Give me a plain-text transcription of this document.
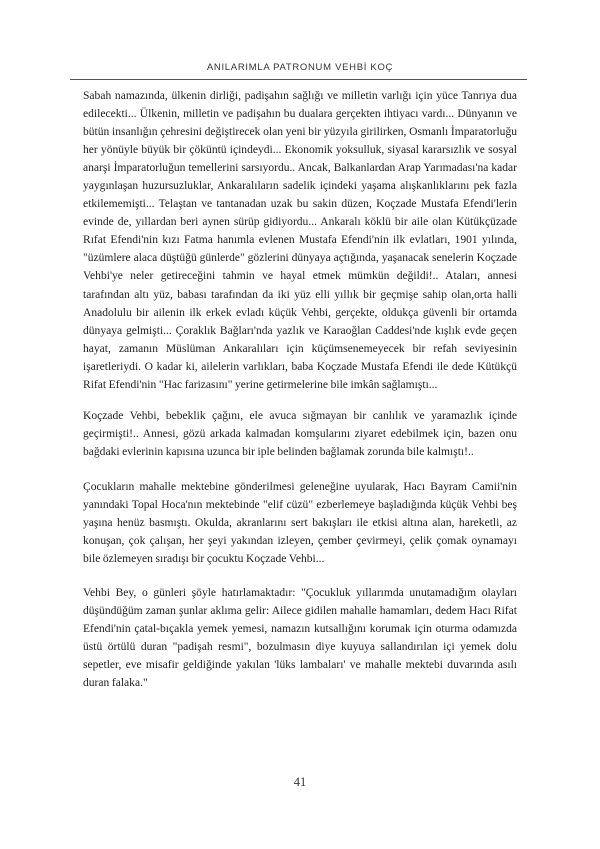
ANILARIMLA PATRONUM VEHBİ KOÇ

Sabah namazında, ülkenin dirliği, padişahın sağlığı ve milletin varlığı için yüce Tanrıya dua edilecekti... Ülkenin, milletin ve padişahın bu dualara gerçekten ihtiyacı vardı... Dünyanın ve bütün insanlığın çehresini değiştirecek olan yeni bir yüzyıla girilirken, Osmanlı İmparatorluğu her yönüyle büyük bir çöküntü içindeydi... Ekonomik yoksulluk, siyasal kararsızlık ve sosyal anarşi İmparatorluğun temellerini sarsıyordu.. Ancak, Balkanlardan Arap Yarımadası'na kadar yaygınlaşan huzursuzluklar, Ankaralıların sadelik içindeki yaşama alışkanlıklarını pek fazla etkilememişti... Telaştan ve tantanadan uzak bu sakin düzen, Koçzade Mustafa Efendi'lerin evinde de, yıllardan beri aynen sürüp gidiyordu... Ankaralı köklü bir aile olan Kütükçüzade Rıfat Efendi'nin kızı Fatma hanımla evlenen Mustafa Efendi'nin ilk evlatları, 1901 yılında, "üzümlere alaca düştüğü günlerde" gözlerini dünyaya açtığında, yaşanacak senelerin Koçzade Vehbi'ye neler getireceğini tahmin ve hayal etmek mümkün değildi!.. Ataları, annesi tarafından altı yüz, babası tarafından da iki yüz elli yıllık bir geçmişe sahip olan,orta halli Anadolulu bir ailenin ilk erkek evladı küçük Vehbi, gerçekte, oldukça güvenli bir ortamda dünyaya gelmişti... Çoraklık Bağları'nda yazlık ve Karaoğlan Caddesi'nde kışlık evde geçen hayat, zamanın Müslüman Ankaralıları için küçümsenemeyecek bir refah seviyesinin işaretleriydi. O kadar ki, ailelerin varlıkları, baba Koçzade Mustafa Efendi ile dede Kütükçü Rifat Efendi'nin "Hac farizasını" yerine getirmelerine bile imkân sağlamıştı...

Koçzade Vehbi, bebeklik çağını, ele avuca sığmayan bir canlılık ve yaramazlık içinde geçirmişti!.. Annesi, gözü arkada kalmadan komşularını ziyaret edebilmek için, bazen onu bağdaki evlerinin kapısına uzunca bir iple belinden bağlamak zorunda bile kalmıştı!..

Çocukların mahalle mektebine gönderilmesi geleneğine uyularak, Hacı Bayram Camii'nin yanındaki Topal Hoca'nın mektebinde "elif cüzü" ezberlemeye başladığında küçük Vehbi beş yaşına henüz basmıştı. Okulda, akranlarını sert bakışları ile etkisi altına alan, hareketli, az konuşan, çok çalışan, her şeyi yakından izleyen, çember çevirmeyi, çelik çomak oynamayı bile özlemeyen sıradışı bir çocuktu Koçzade Vehbi...

Vehbi Bey, o günleri şöyle hatırlamaktadır: "Çocukluk yıllarımda unutamadığım olayları düşündüğüm zaman şunlar aklıma gelir: Ailece gidilen mahalle hamamları, dedem Hacı Rifat Efendi'nin çatal-bıçakla yemek yemesi, namazın kutsallığını korumak için oturma odamızda üstü örtülü duran "padişah resmi", bozulmasın diye kuyuya sallandırılan içi yemek dolu sepetler, eve misafir geldiğinde yakılan 'lüks lambaları' ve mahalle mektebi duvarında asılı duran falaka."

41
